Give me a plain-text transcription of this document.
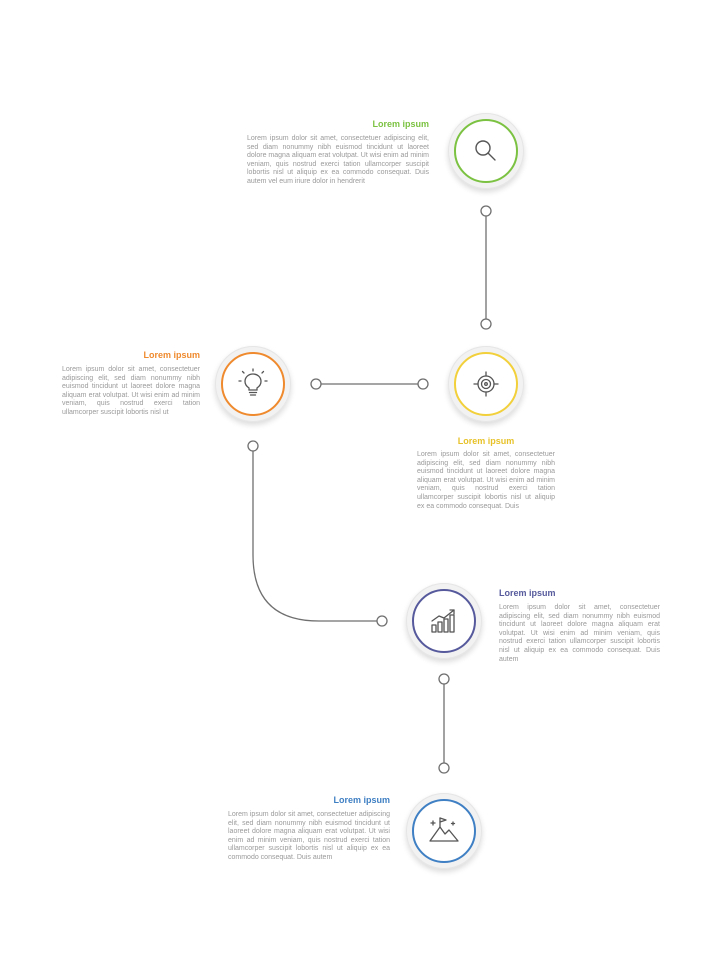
Lorem ipsum

Lorem ipsum dolor sit amet, consectetuer adipiscing elit, sed diam nonummy nibh euismod tincidunt ut laoreet dolore magna aliquam erat volutpat. Ut wisi enim ad minim veniam, quis nostrud exerci tation ullamcorper suscipit lobortis nisl ut aliquip ex ea commodo consequat. Duis autem vel eum iriure dolor in hendrerit

Lorem ipsum

Lorem ipsum dolor sit amet, consectetuer adipiscing elit, sed diam nonummy nibh euismod tincidunt ut laoreet dolore magna aliquam erat volutpat. Ut wisi enim ad minim veniam, quis nostrud exerci tation ullamcorper suscipit lobortis nisl ut aliquip ex ea commodo consequat. Duis

Lorem ipsum

Lorem ipsum dolor sit amet, consectetuer adipiscing elit, sed diam nonummy nibh euismod tincidunt ut laoreet dolore magna aliquam erat volutpat. Ut wisi enim ad minim veniam, quis nostrud exerci tation ullamcorper suscipit lobortis nisl ut

Lorem ipsum

Lorem ipsum dolor sit amet, consectetuer adipiscing elit, sed diam nonummy nibh euismod tincidunt ut laoreet dolore magna aliquam erat volutpat. Ut wisi enim ad minim veniam, quis nostrud exerci tation ullamcorper suscipit lobortis nisl ut aliquip ex ea commodo consequat. Duis autem

Lorem ipsum

Lorem ipsum dolor sit amet, consectetuer adipiscing elit, sed diam nonummy nibh euismod tincidunt ut laoreet dolore magna aliquam erat volutpat. Ut wisi enim ad minim veniam, quis nostrud exerci tation ullamcorper suscipit lobortis nisl ut aliquip ex ea commodo consequat. Duis autem
